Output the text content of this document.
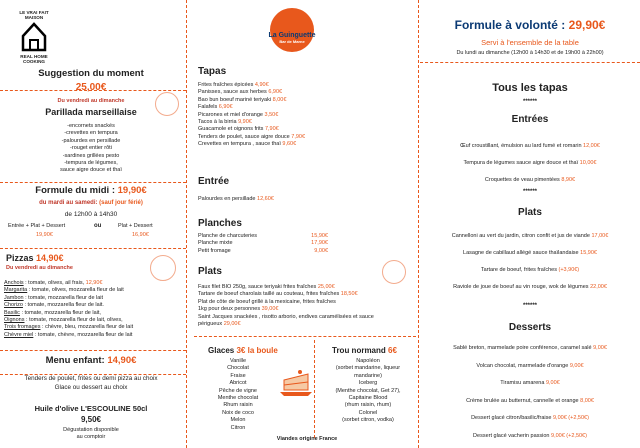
LE VRAI FAIT MAISON
REAL HOME COOKING
Suggestion du moment
25,00€
Du vendredi au dimanche
Parillada marseillaise
-encornets snackés
-crevettes en tempura
-palourdes en persillade
-rouget entier rôti
-sardines grillées pesto
-tempura de légumes,
sauce aigre douce et thaï
Formule du midi : 19,90€
du mardi au samedi: (sauf jour férié)
de 12h00 à 14h30
Entrée + Plat + Dessert	ou	Plat + Dessert
19,90€	16,90€
Pizzas 14,90€
Du vendredi au dimanche
Anchois : tomate, olives, ail frais, 12,90€
Margarita : tomate, olives, mozzarella fleur de lait
Jambon : tomate, mozzarella fleur de lait
Chorizo : tomate, mozzarella fleur de lait.
Basilic : tomate, mozzarella fleur de lait,
Oignons : tomate, mozzarella fleur de lait, olives,
Trois fromages : chèvre, bleu, mozzarella fleur de lait
Chèvre miel : tomate, chèvre, mozzarella fleur de lait
Menu enfant: 14,90€
Tenders de poulet, frites ou demi pizza au choix
Glace ou dessert au choix
Huile d'olive L'ESCOULINE 50cl
9,50€
Dégustation disponible
au comptoir
La Guinguette
Bar de Marne
Tapas
Frites fraîches épicées 4,90€
Panisses, sauce aux herbes 6,90€
Bao bun boeuf mariné teriyaki 8,00€
Falafels 6,90€
Picarones et miel d'orange 3,50€
Tacos à la birria 9,90€
Guacamole et oignons frits 7,90€
Tenders de poulet, sauce aigre douce 7,90€
Crevettes en tempura , sauce thaï 9,60€
Entrée
Palourdes en persillade 12,60€
Planches
Planche de charcuteries	15,90€
Planche mixte	17,90€
Petit fromage	9,00€
Plats
Faux filet BIO 250g, sauce teriyaki frites fraîches 25,00€
Tartare de boeuf charolais taillé au couteau, frites fraîches 18,50€
Plat de côte de boeuf grillé à la mexicaine, frites fraîches
1kg pour deux personnes 39,00€
Saint Jacques snackées , risotto arborio, endives caramélisées et sauce
périgueux 29,00€
Glaces 3€ la boule
Vanille
Chocolat
Fraise
Abricot
Pêche de vigne
Menthe chocolat
Rhum raisin
Noix de coco
Melon
Citron
Trou normand 6€
Napoléon
(sorbet mandarine, liqueur
mandarine)
Iceberg
(Menthe chocolat, Get 27),
Capitaine Blood
(rhum raisin, rhum)
Colonel
(sorbet citron, vodka)
Viandes origine France
Formule à volonté : 29,90€
Servi à l'ensemble de la table
Du lundi au dimanche (12h00 à 14h30 et de 19h00 à 22h00)
Tous les tapas
******
Entrées
Œuf croustillant, émulsion au lard fumé et romarin 12,00€
Tempura de légumes sauce aigre douce et thaï 10,00€
Croquettes de veau pimentées 8,90€
******
Plats
Cannelloni au vert du jardin, citron confit et jus de viande 17,00€
Lasagne de cabillaud allégé sauce thaïlandaise 15,90€
Tartare de boeuf, frites fraîches (+3,90€)
Raviole de joue de boeuf au vin rouge, wok de légumes 22,00€
******
Desserts
Sablé breton, marmelade poire conférence, caramel salé 9,00€
Volcan chocolat, marmelade d'orange 9,00€
Tiramisu amarena 9,00€
Crème brulée au butternut, cannelle et orange 8,00€
Dessert glacé citron/basilic/fraise 9,00€ (+2,50€)
Dessert glacé vacherin passion 9,00€ (+2,50€)
